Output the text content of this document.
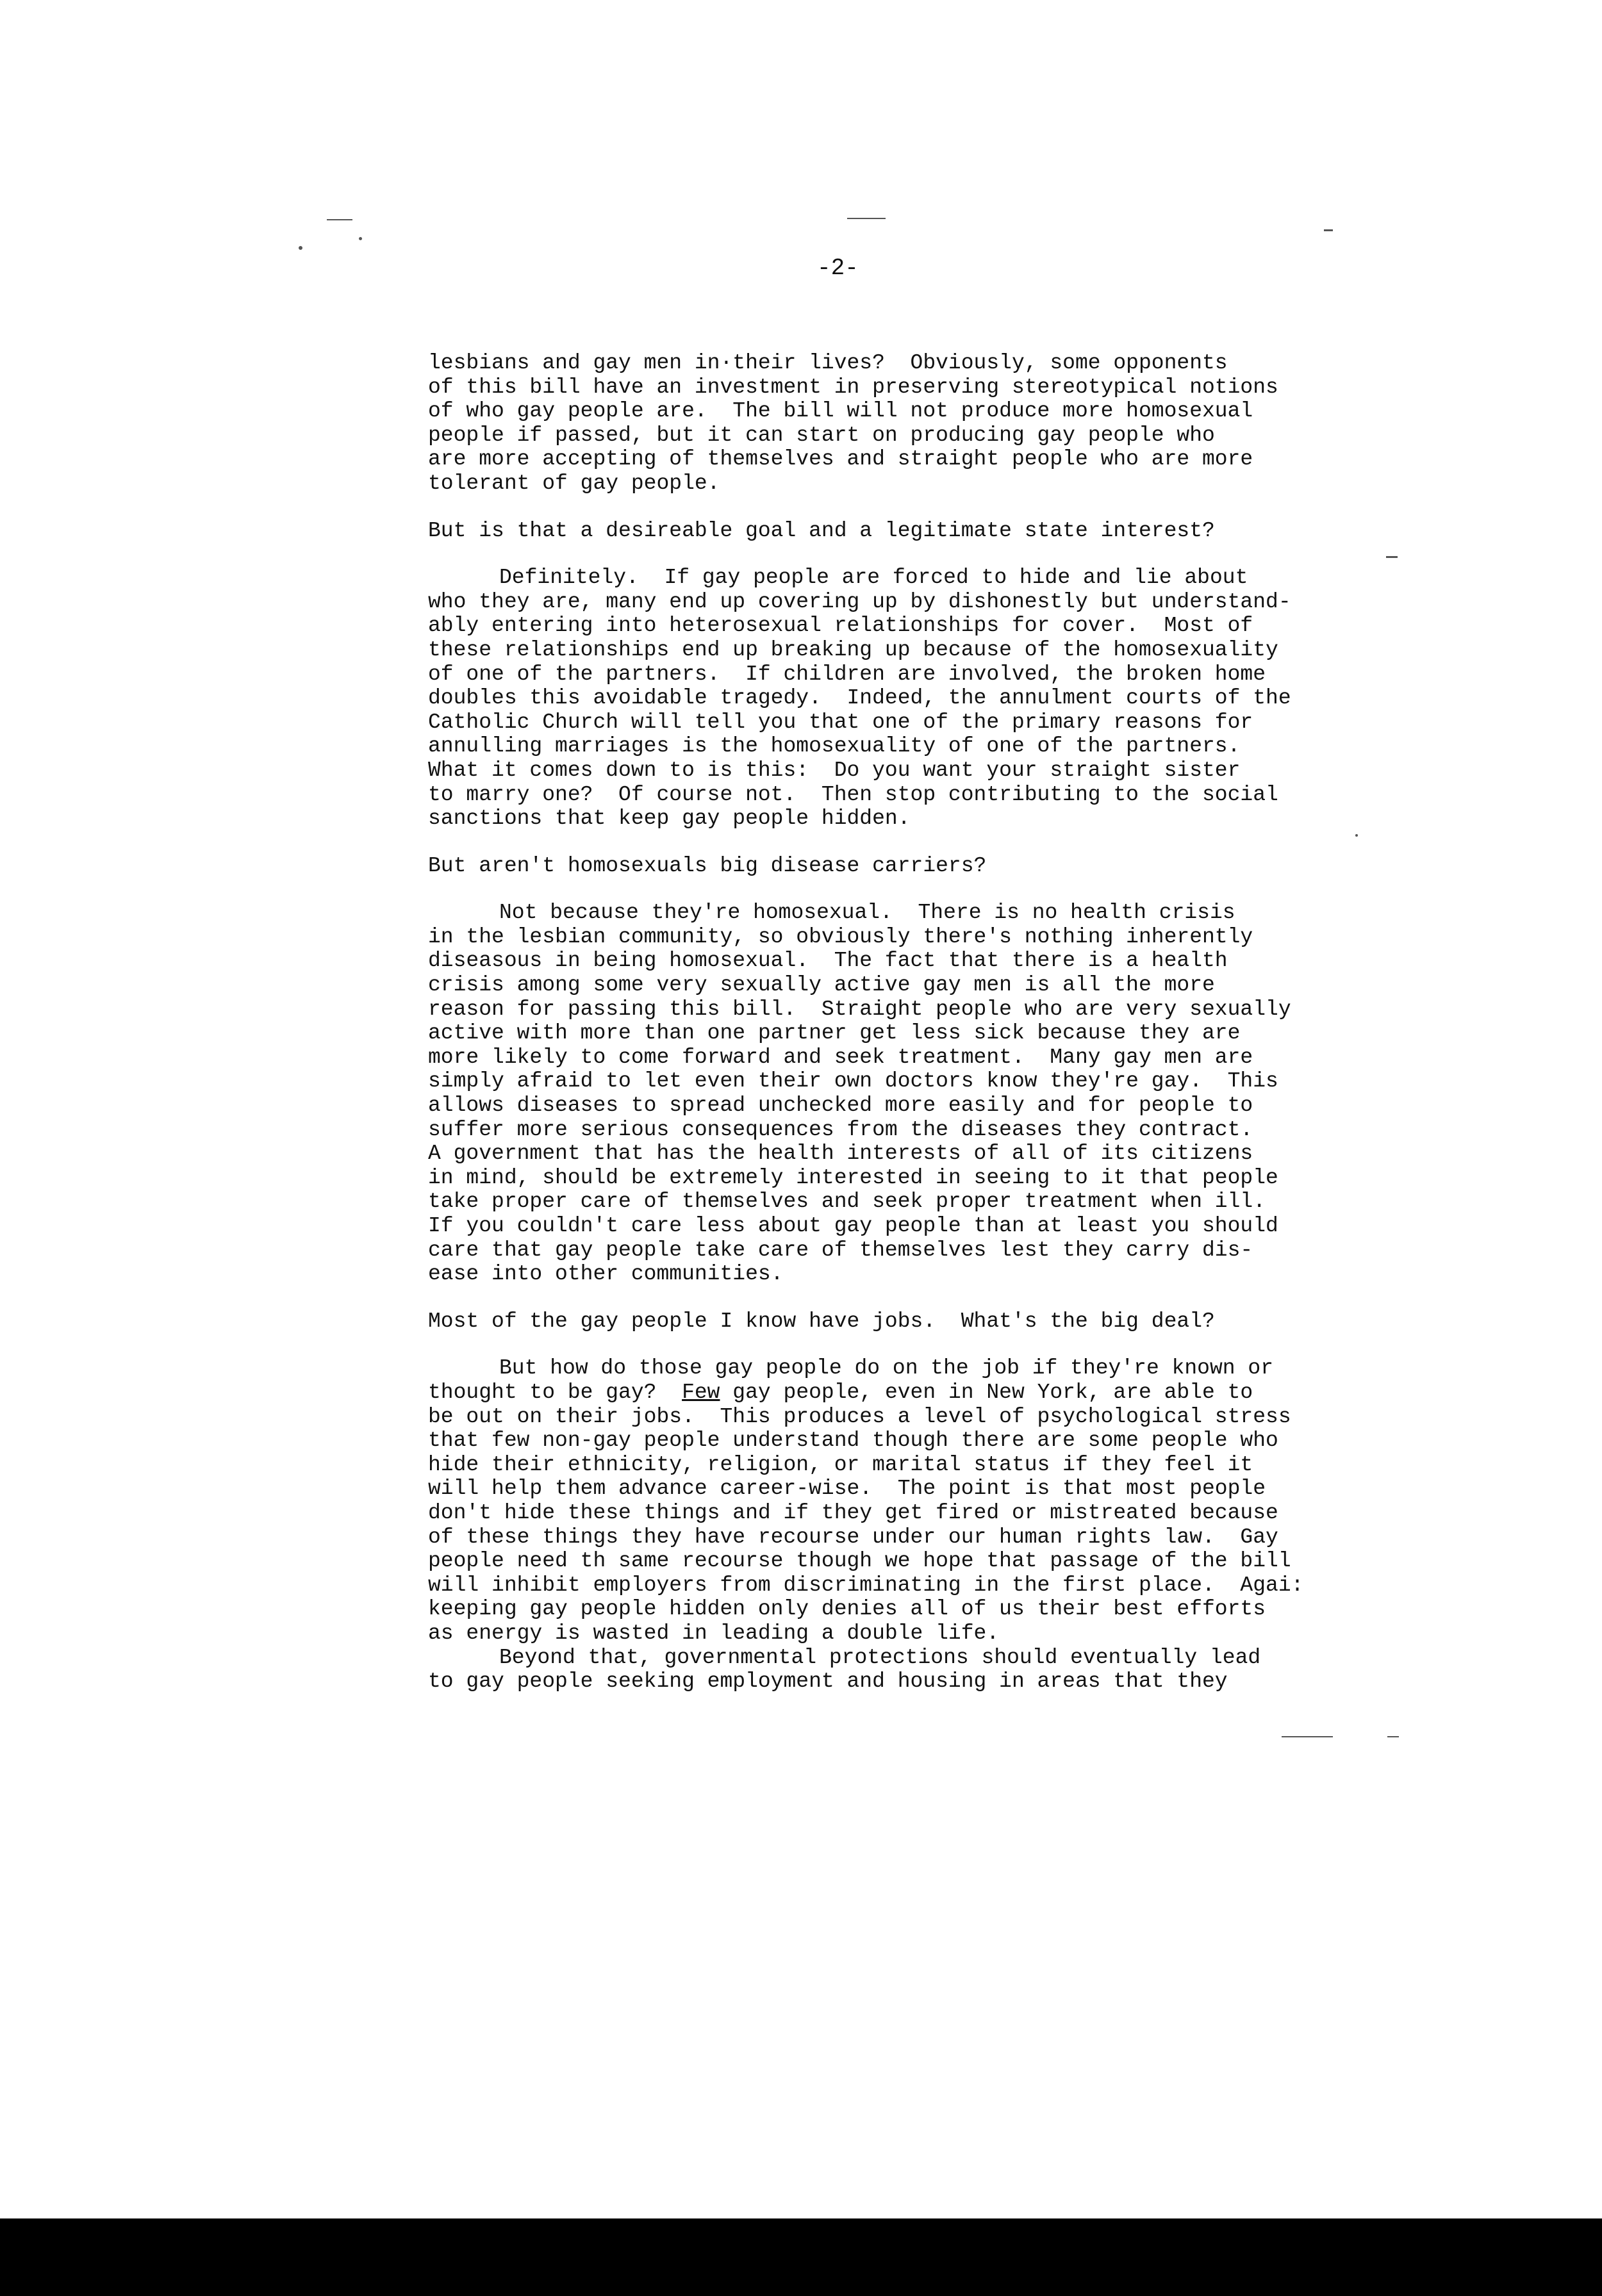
-2-
lesbians and gay men in·their lives?  Obviously, some opponents
of this bill have an investment in preserving stereotypical notions
of who gay people are.  The bill will not produce more homosexual
people if passed, but it can start on producing gay people who
are more accepting of themselves and straight people who are more
tolerant of gay people.
But is that a desireable goal and a legitimate state interest?
Definitely.  If gay people are forced to hide and lie about
who they are, many end up covering up by dishonestly but understand-
ably entering into heterosexual relationships for cover.  Most of
these relationships end up breaking up because of the homosexuality
of one of the partners.  If children are involved, the broken home
doubles this avoidable tragedy.  Indeed, the annulment courts of the
Catholic Church will tell you that one of the primary reasons for
annulling marriages is the homosexuality of one of the partners.
What it comes down to is this:  Do you want your straight sister
to marry one?  Of course not.  Then stop contributing to the social
sanctions that keep gay people hidden.
But aren't homosexuals big disease carriers?
Not because they're homosexual.  There is no health crisis
in the lesbian community, so obviously there's nothing inherently
diseasous in being homosexual.  The fact that there is a health
crisis among some very sexually active gay men is all the more
reason for passing this bill.  Straight people who are very sexually
active with more than one partner get less sick because they are
more likely to come forward and seek treatment.  Many gay men are
simply afraid to let even their own doctors know they're gay.  This
allows diseases to spread unchecked more easily and for people to
suffer more serious consequences from the diseases they contract.
A government that has the health interests of all of its citizens
in mind, should be extremely interested in seeing to it that people
take proper care of themselves and seek proper treatment when ill.
If you couldn't care less about gay people than at least you should
care that gay people take care of themselves lest they carry dis-
ease into other communities.
Most of the gay people I know have jobs.  What's the big deal?
But how do those gay people do on the job if they're known or
thought to be gay?  Few gay people, even in New York, are able to
be out on their jobs.  This produces a level of psychological stress
that few non-gay people understand though there are some people who
hide their ethnicity, religion, or marital status if they feel it
will help them advance career-wise.  The point is that most people
don't hide these things and if they get fired or mistreated because
of these things they have recourse under our human rights law.  Gay
people need th same recourse though we hope that passage of the bill
will inhibit employers from discriminating in the first place.  Agai:
keeping gay people hidden only denies all of us their best efforts
as energy is wasted in leading a double life.
Beyond that, governmental protections should eventually lead
to gay people seeking employment and housing in areas that they
